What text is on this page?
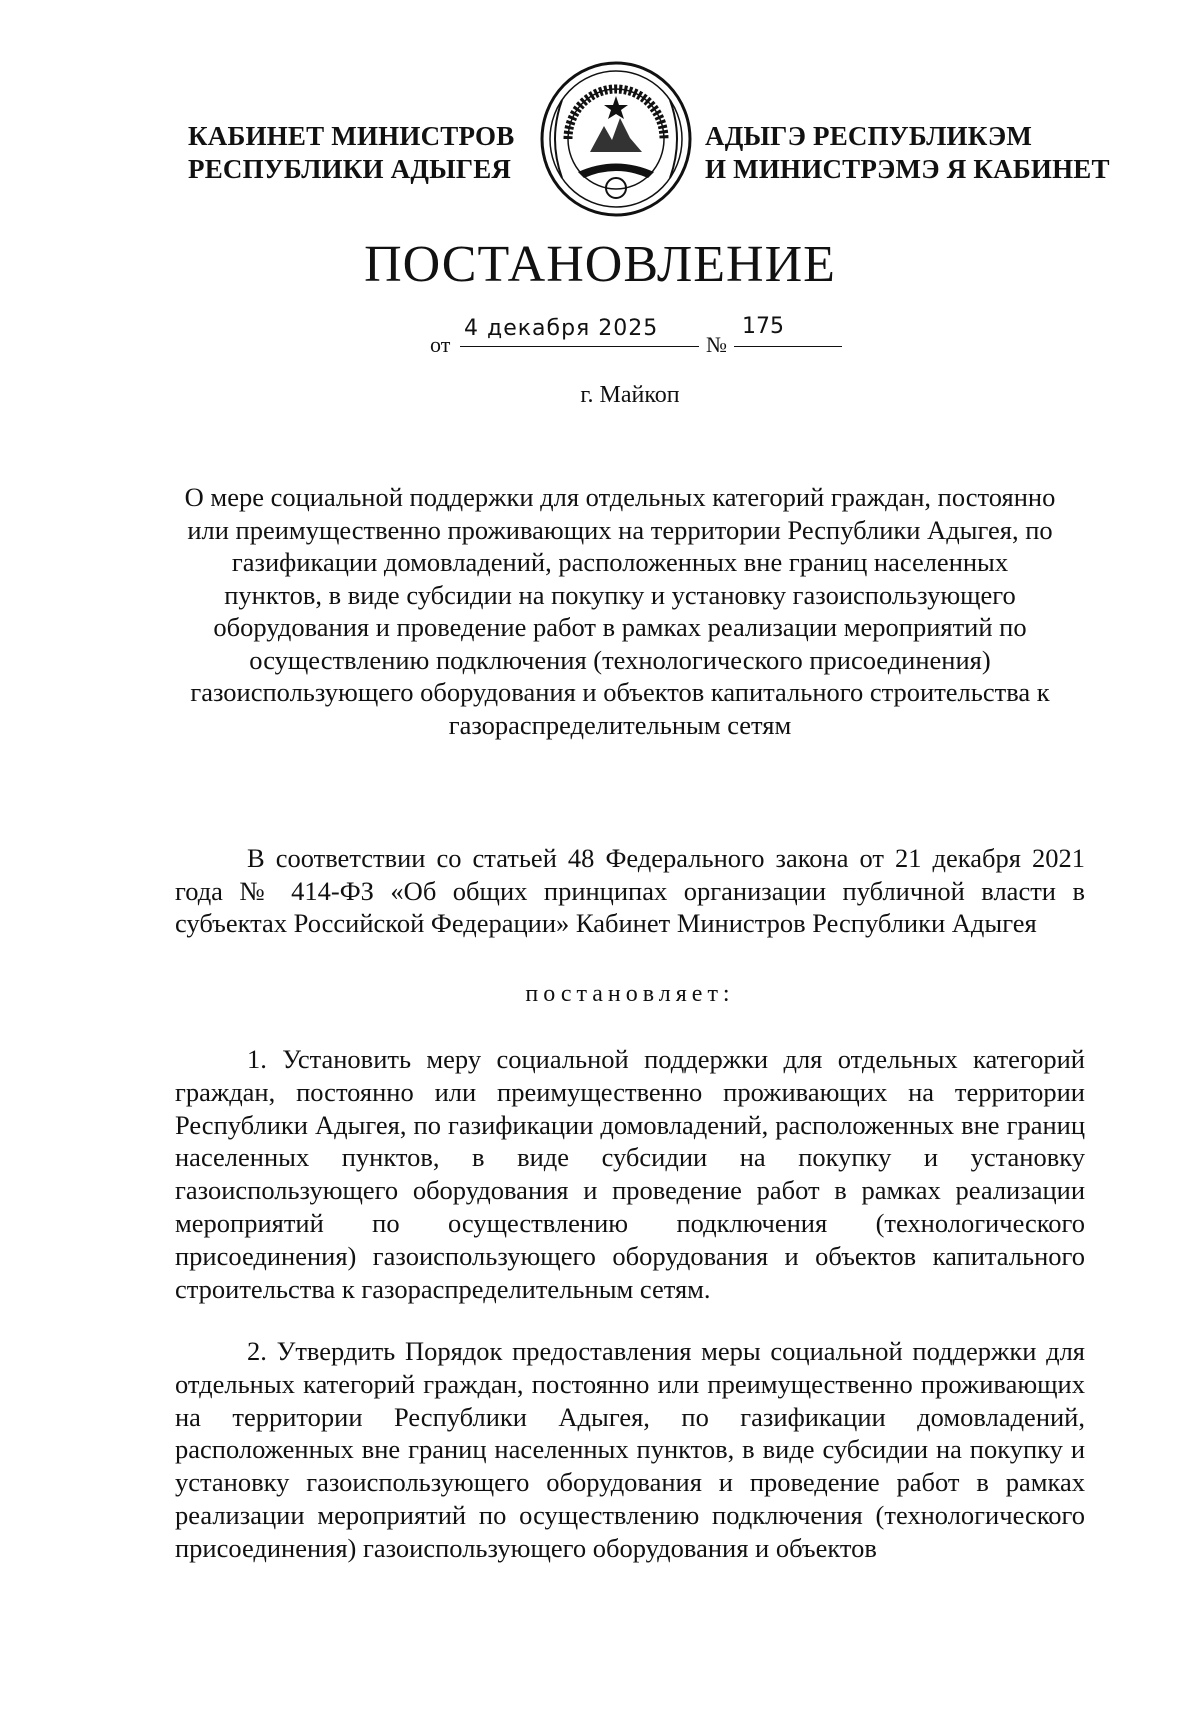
КАБИНЕТ МИНИСТРОВ
РЕСПУБЛИКИ АДЫГЕЯ
АДЫГЭ РЕСПУБЛИКЭМ
И МИНИСТРЭМЭ Я КАБИНЕТ
ПОСТАНОВЛЕНИЕ
от
4 декабря 2025
№
175
г. Майкоп
О мере социальной поддержки для отдельных категорий граждан, постоянно или преимущественно проживающих на территории Республики Адыгея, по газификации домовладений, расположенных вне границ населенных пунктов, в виде субсидии на покупку и установку газоиспользующего оборудования и проведение работ в рамках реализации мероприятий по осуществлению подключения (технологического присоединения) газоиспользующего оборудования и объектов капитального строительства к газораспределительным сетям
В соответствии со статьей 48 Федерального закона от 21 декабря 2021 года № 414-ФЗ «Об общих принципах организации публичной власти в субъектах Российской Федерации» Кабинет Министров Республики Адыгея
постановляет:
1. Установить меру социальной поддержки для отдельных категорий граждан, постоянно или преимущественно проживающих на территории Республики Адыгея, по газификации домовладений, расположенных вне границ населенных пунктов, в виде субсидии на покупку и установку газоиспользующего оборудования и проведение работ в рамках реализации мероприятий по осуществлению подключения (технологического присоединения) газоиспользующего оборудования и объектов капитального строительства к газораспределительным сетям.
2. Утвердить Порядок предоставления меры социальной поддержки для отдельных категорий граждан, постоянно или преимущественно проживающих на территории Республики Адыгея, по газификации домовладений, расположенных вне границ населенных пунктов, в виде субсидии на покупку и установку газоиспользующего оборудования и проведение работ в рамках реализации мероприятий по осуществлению подключения (технологического присоединения) газоиспользующего оборудования и объектов
